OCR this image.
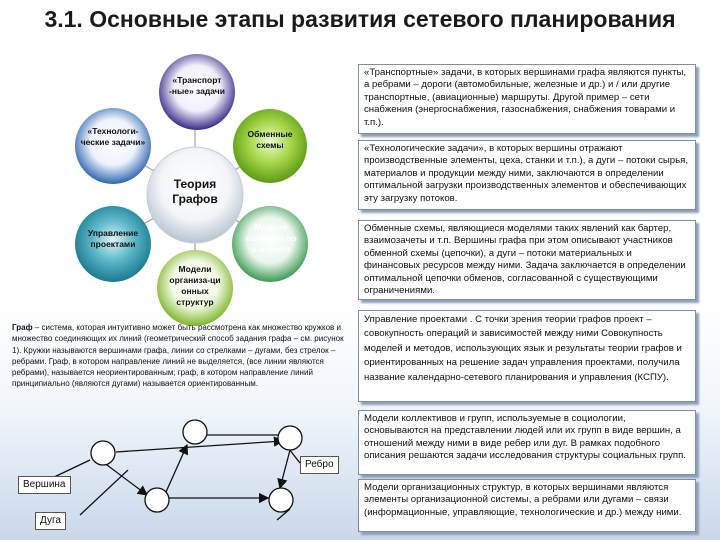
3.1. Основные этапы развития сетевого планирования
Теория Графов
«Транспорт -ные» задачи
Обменные схемы
Модели коллекти-во в и групп
Модели организа-ци онных структур
Управление проектами
«Технологи-ческие задачи»
«Транспортные» задачи, в которых вершинами графа являются пункты, а ребрами – дороги (автомобильные, железные и др.) и / или другие транспортные, (авиационные) маршруты. Другой пример – сети снабжения (энергоснабжения, газоснабжения, снабжения товарами и т.п.).
«Технологические задачи», в которых вершины отражают производственные элементы, цеха, станки и т.п.), а дуги – потоки сырья, материалов и продукции между ними, заключаются в определении оптимальной загрузки производственных элементов и обеспечивающих эту загрузку потоков.
Обменные схемы, являющиеся моделями таких явлений как бартер, взаимозачеты и т.п. Вершины графа при этом описывают участников обменной схемы (цепочки), а дуги – потоки материальных и финансовых ресурсов между ними. Задача заключается в определении оптимальной цепочки обменов, согласованной с существующими ограничениями.
Управление проектами . С точки зрения теории графов проект – совокупность операций и зависимостей между ними Совокупность моделей и методов, использующих язык и результаты теории графов и ориентированных на решение задач управления проектами, получила название календарно-сетевого планирования и управления (КСПУ).
Модели коллективов и групп, используемые в социологии, основываются на представлении людей или их групп в виде вершин, а отношений между ними в виде ребер или дуг. В рамках подобного описания решаются задачи исследования структуры социальных групп.
Модели организационных структур, в которых вершинами являются элементы организационной системы, а ребрами или дугами – связи (информационные, управляющие, технологические и др.) между ними.
Граф – система, которая интуитивно может быть рассмотрена как множество кружков и множество соединяющих их линий (геометрический способ задания графа – см. рисунок 1). Кружки называются вершинами графа, линии со стрелками – дугами, без стрелок – ребрами. Граф, в котором направление линий не выделяется, (все линии являются ребрами), называется неориентированным; граф, в котором направление линий принципиально (являются дугами) называется ориентированным.
Вершина
Дуга
Ребро
